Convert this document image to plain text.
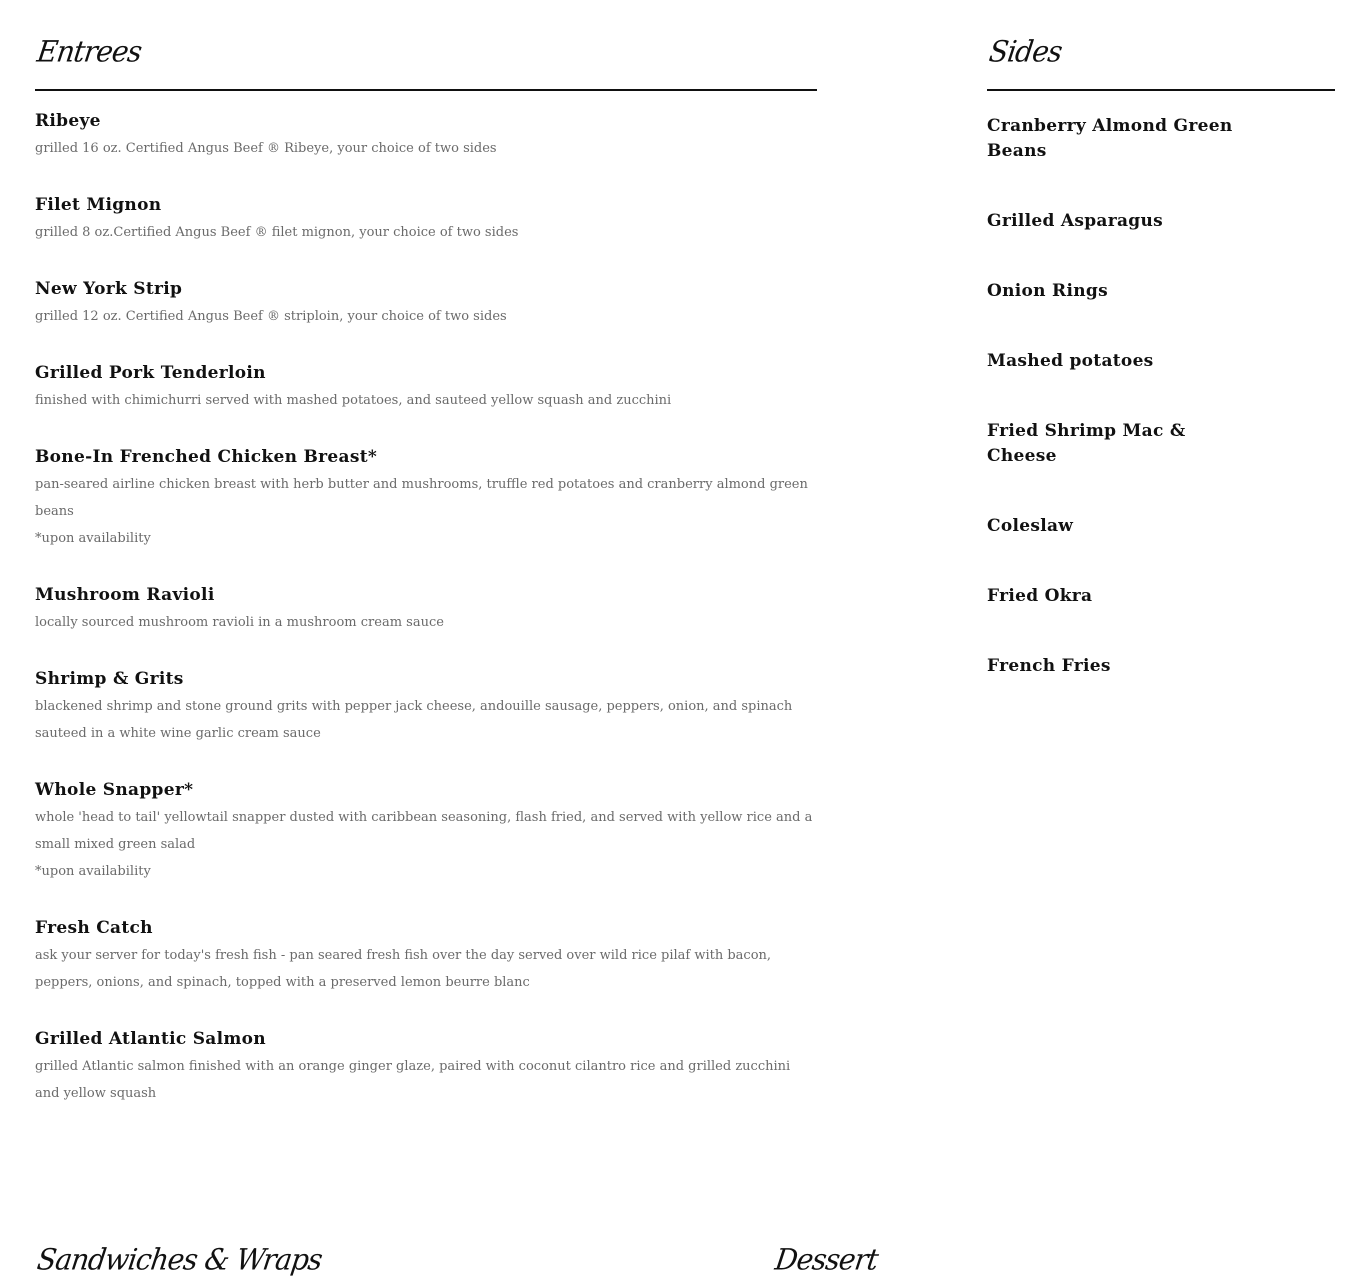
Entrees
Ribeye
grilled 16 oz. Certified Angus Beef ® Ribeye, your choice of two sides
Filet Mignon
grilled 8 oz.Certified Angus Beef ® filet mignon, your choice of two sides
New York Strip
grilled 12 oz. Certified Angus Beef ® striploin, your choice of two sides
Grilled Pork Tenderloin
finished with chimichurri served with mashed potatoes, and sauteed yellow squash and zucchini
Bone-In Frenched Chicken Breast*
pan-seared airline chicken breast with herb butter and mushrooms, truffle red potatoes and cranberry almond green beans
*upon availability
Mushroom Ravioli
locally sourced mushroom ravioli in a mushroom cream sauce
Shrimp & Grits
blackened shrimp and stone ground grits with pepper jack cheese, andouille sausage, peppers, onion, and spinach sauteed in a white wine garlic cream sauce
Whole Snapper*
whole 'head to tail' yellowtail snapper dusted with caribbean seasoning, flash fried, and served with yellow rice and a small mixed green salad
*upon availability
Fresh Catch
ask your server for today's fresh fish - pan seared fresh fish over the day served over wild rice pilaf with bacon, peppers, onions, and spinach, topped with a preserved lemon beurre blanc
Grilled Atlantic Salmon
grilled Atlantic salmon finished with an orange ginger glaze, paired with coconut cilantro rice and grilled zucchini and yellow squash
Sides
Cranberry Almond Green Beans
Grilled Asparagus
Onion Rings
Mashed potatoes
Fried Shrimp Mac & Cheese
Coleslaw
Fried Okra
French Fries
Sandwiches & Wraps	Dessert
